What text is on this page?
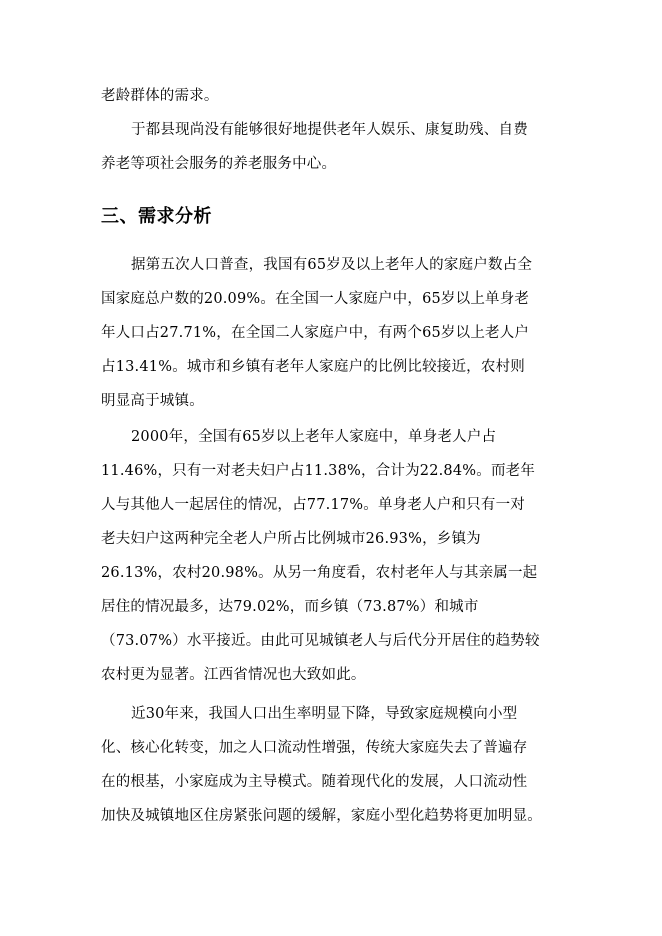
老龄群体的需求。

于都县现尚没有能够很好地提供老年人娱乐、康复助残、自费

养老等项社会服务的养老服务中心。

三、需求分析

据第五次人口普查，我国有65岁及以上老年人的家庭户数占全

国家庭总户数的20.09%。在全国一人家庭户中，65岁以上单身老

年人口占27.71%，在全国二人家庭户中，有两个65岁以上老人户

占13.41%。城市和乡镇有老年人家庭户的比例比较接近，农村则

明显高于城镇。

2000年，全国有65岁以上老年人家庭中，单身老人户占

11.46%，只有一对老夫妇户占11.38%，合计为22.84%。而老年

人与其他人一起居住的情况，占77.17%。单身老人户和只有一对

老夫妇户这两种完全老人户所占比例城市26.93%，乡镇为

26.13%，农村20.98%。从另一角度看，农村老年人与其亲属一起

居住的情况最多，达79.02%，而乡镇（73.87%）和城市

（73.07%）水平接近。由此可见城镇老人与后代分开居住的趋势较

农村更为显著。江西省情况也大致如此。

近30年来，我国人口出生率明显下降，导致家庭规模向小型

化、核心化转变，加之人口流动性增强，传统大家庭失去了普遍存

在的根基，小家庭成为主导模式。随着现代化的发展，人口流动性

加快及城镇地区住房紧张问题的缓解，家庭小型化趋势将更加明显。
